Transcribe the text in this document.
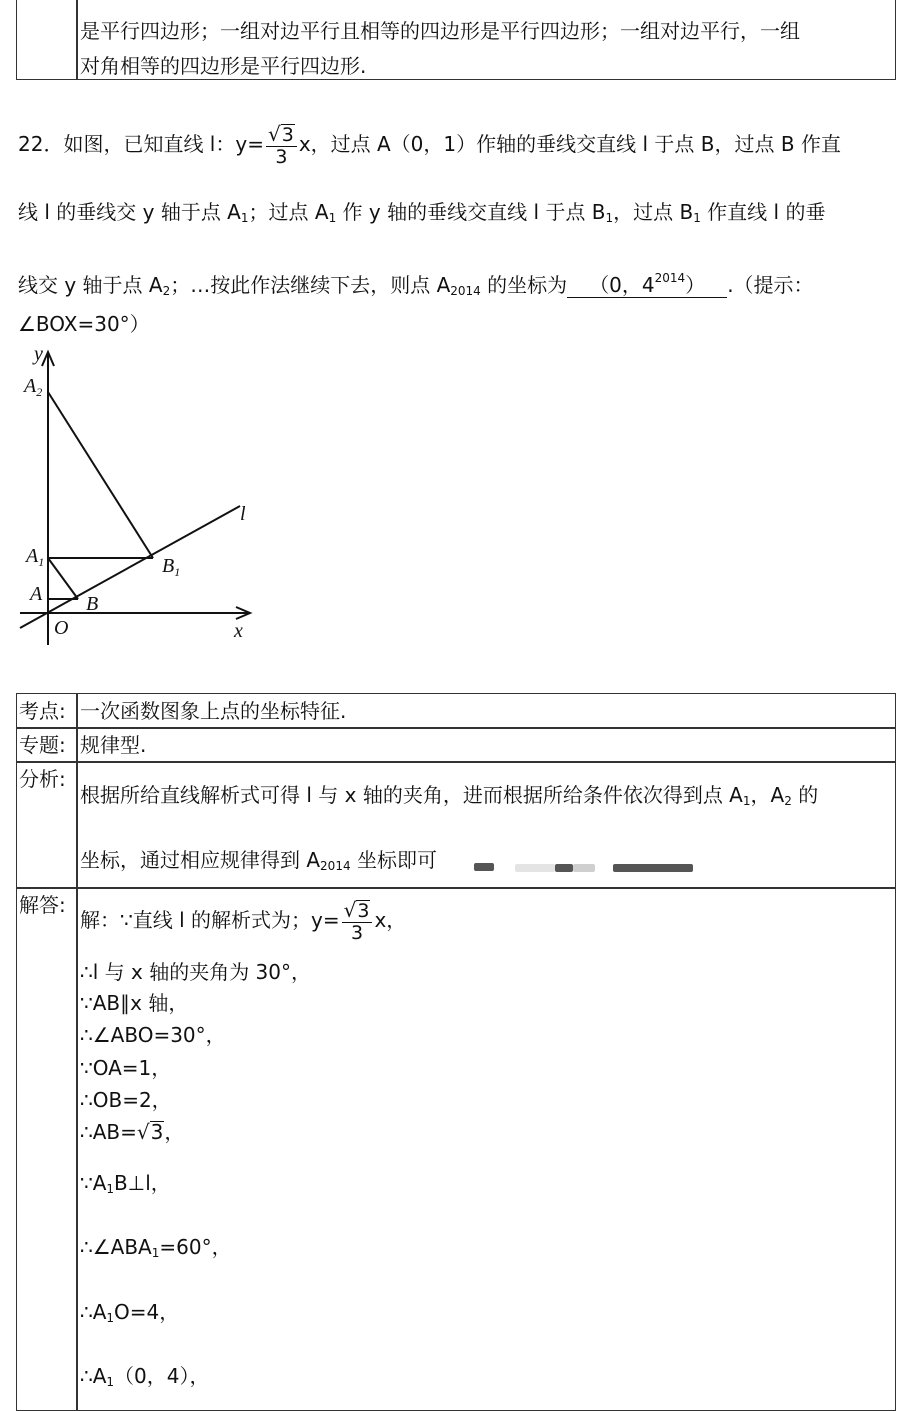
是平行四边形；一组对边平行且相等的四边形是平行四边形；一组对边平行，一组
对角相等的四边形是平行四边形.
22．如图，已知直线 l：$y= \frac{√3}{3}$ x，过点 A（0，1）作轴的垂线交直线 l 于点 B，过点 B 作直
线 l 的垂线交 y 轴于点 $A_1$；过点 $A_1$ 作 y 轴的垂线交直线 l 于点 $B_1$，过点 $B_1$ 作直线 l 的垂
线交 y 轴于点 $A_2$；…按此作法继续下去，则点 $A_{2014}$ 的坐标为 （0，$4^{2014}$） .（提示：
∠BOX=30°）
y
x
O
A B
$A_1$	$B_1$
$A_2$
l
考点: 一次函数图象上点的坐标特征.
专题: 规律型.
分析:
根据所给直线解析式可得 l 与 x 轴的夹角，进而根据所给条件依次得到点 $A_1$，$A_2$ 的
坐标，通过相应规律得到 $A_{2014}$ 坐标即可
解答:
解：∵直线 l 的解析式为；$y= \frac{√3}{3}$ x，
∴l 与 x 轴的夹角为 30°，
∵AB∥x 轴，
∴∠ABO=30°，
∵OA=1，
∴OB=2，
∴AB=√3，
$\because A_1B\perp l$，
$\therefore\angle ABA_1=60^\circ$，
$\therefore A_1O=4$，
$\therefore A_1(0$，4），
